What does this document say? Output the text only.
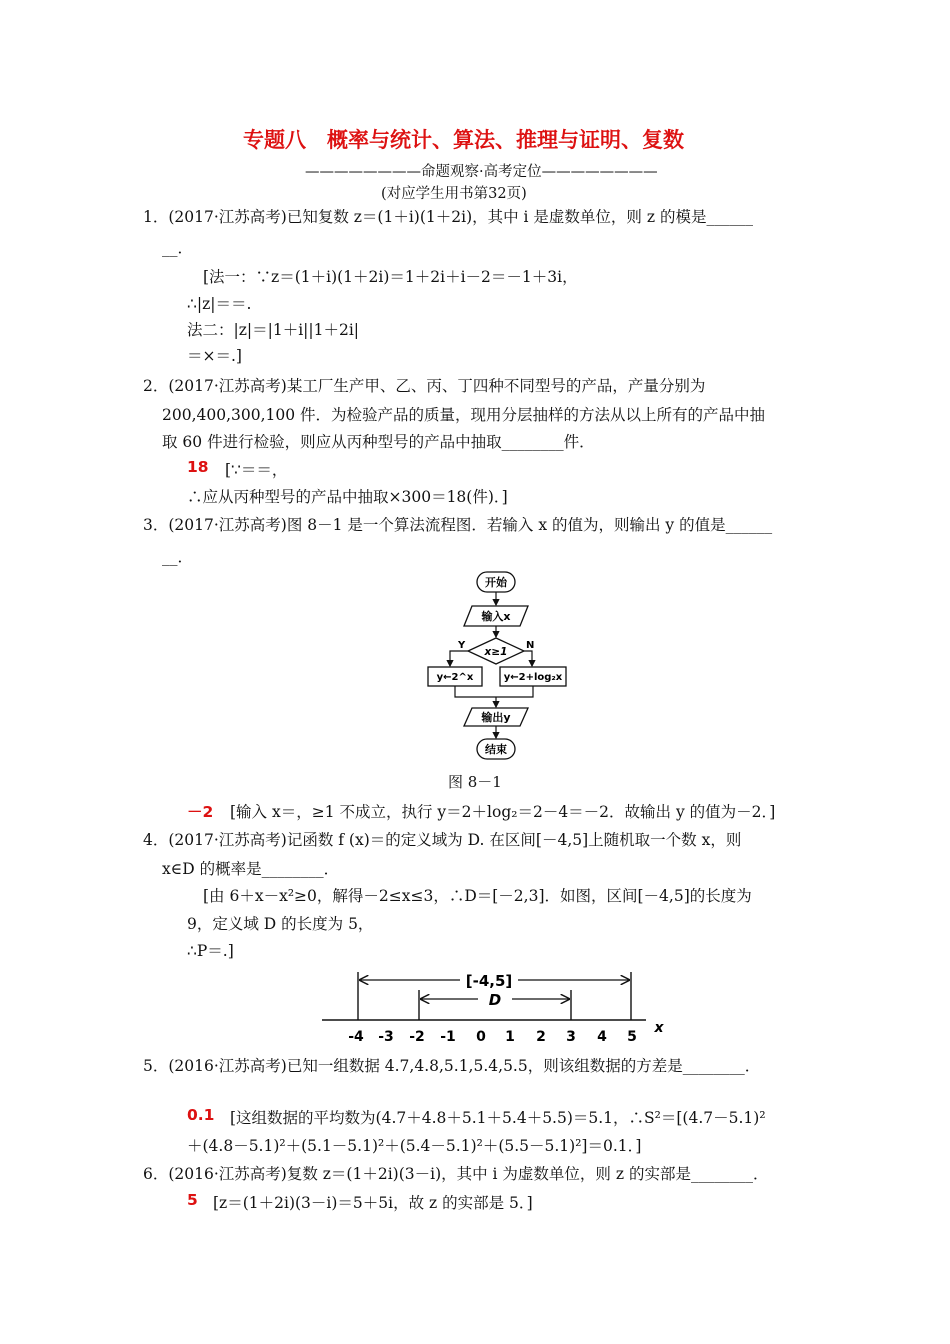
专题八　概率与统计、算法、推理与证明、复数
————————命题观察·高考定位————————
(对应学生用书第32页)
1．(2017·江苏高考)已知复数 z＝(1＋i)(1＋2i)，其中 i 是虚数单位，则 z 的模是______
__．
[法一：∵z＝(1＋i)(1＋2i)＝1＋2i＋i－2＝－1＋3i，
∴|z|＝＝.
法二：|z|＝|1＋i||1＋2i|
＝×＝.]
2．(2017·江苏高考)某工厂生产甲、乙、丙、丁四种不同型号的产品，产量分别为
200,400,300,100 件．为检验产品的质量，现用分层抽样的方法从以上所有的产品中抽
取 60 件进行检验，则应从丙种型号的产品中抽取________件．
18 [∵＝＝，
∴应从丙种型号的产品中抽取×300＝18(件)．]
3．(2017·江苏高考)图 8－1 是一个算法流程图．若输入 x 的值为，则输出 y 的值是______
__．
开始
输入x
x≥1
Y	N
y←2^x	y←2+log₂x
输出y
结束
图 8－1
－2 [输入 x＝，≥1 不成立，执行 y＝2＋log₂＝2－4＝－2．故输出 y 的值为－2．]
4．(2017·江苏高考)记函数 f (x)＝的定义域为 D. 在区间[－4,5]上随机取一个数 x，则
x∈D 的概率是________．
[由 6＋x－x²≥0，解得－2≤x≤3，∴D＝[－2,3]．如图，区间[－4,5]的长度为
9，定义域 D 的长度为 5，
∴P＝.]
[-4,5]
D
-4 -3 -2 -1 0 1 2 3 4 5
x
5．(2016·江苏高考)已知一组数据 4.7,4.8,5.1,5.4,5.5，则该组数据的方差是________．
0.1 [这组数据的平均数为(4.7＋4.8＋5.1＋5.4＋5.5)＝5.1，∴S²＝[(4.7－5.1)²
＋(4.8－5.1)²＋(5.1－5.1)²＋(5.4－5.1)²＋(5.5－5.1)²]＝0.1．]
6．(2016·江苏高考)复数 z＝(1＋2i)(3－i)，其中 i 为虚数单位，则 z 的实部是________．
5 [z＝(1＋2i)(3－i)＝5＋5i，故 z 的实部是 5．]
